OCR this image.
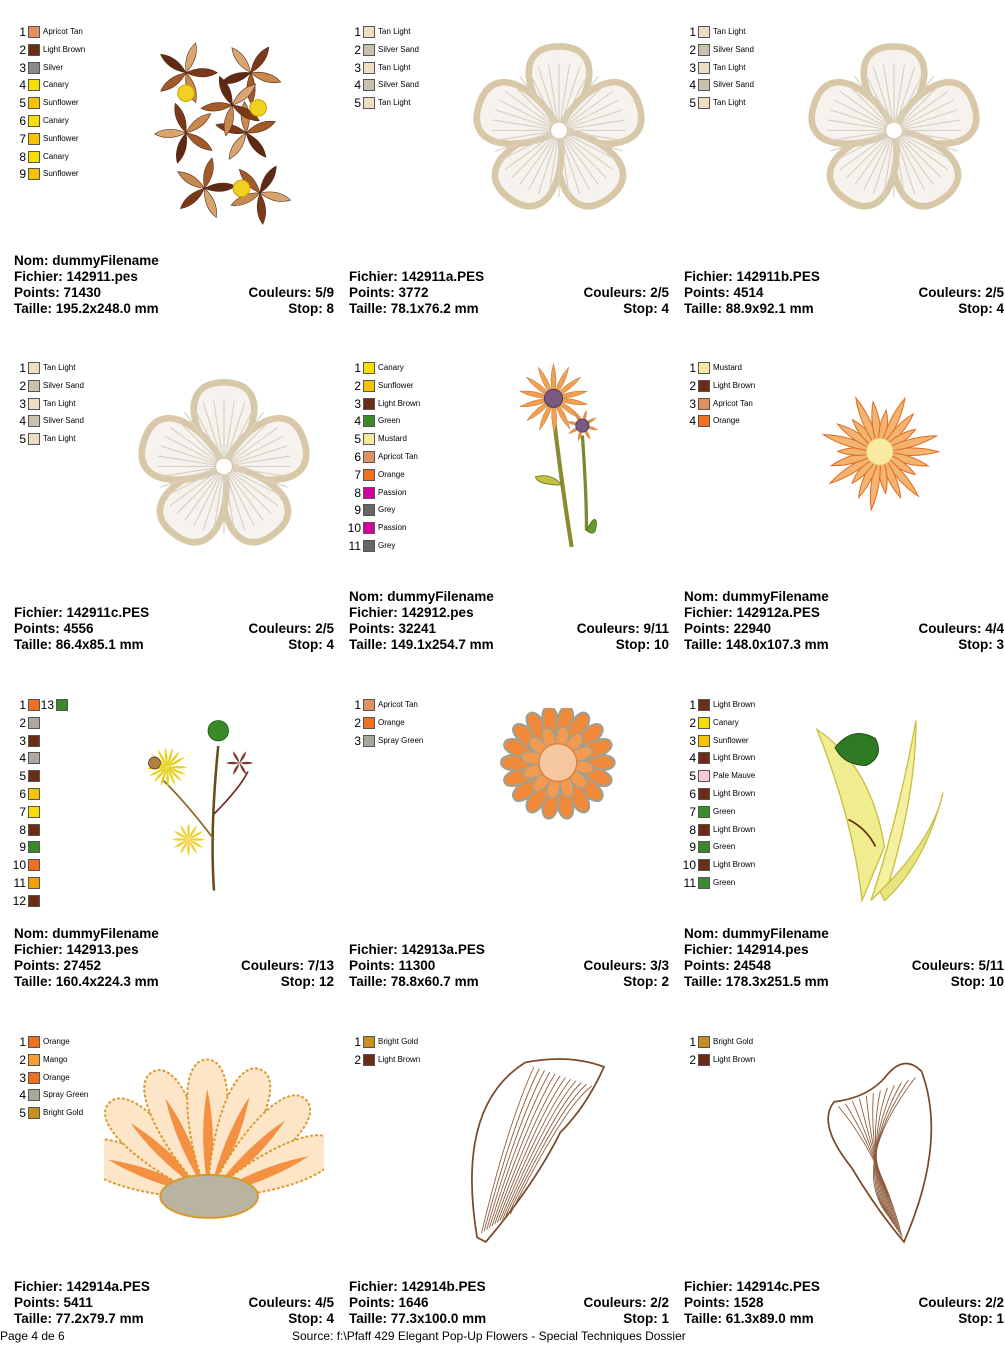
1 Apricot Tan
2 Light Brown
3 Silver
4 Canary
5 Sunflower
6 Canary
7 Sunflower
8 Canary
9 Sunflower
Nom: dummyFilename
Fichier: 142911.pes
Points: 71430	Couleurs: 5/9
Taille: 195.2x248.0 mm	Stop: 8
1 Tan Light
2 Silver Sand
3 Tan Light
4 Silver Sand
5 Tan Light
Fichier: 142911a.PES
Points: 3772	Couleurs: 2/5
Taille: 78.1x76.2 mm	Stop: 4
1 Tan Light
2 Silver Sand
3 Tan Light
4 Silver Sand
5 Tan Light
Fichier: 142911b.PES
Points: 4514	Couleurs: 2/5
Taille: 88.9x92.1 mm	Stop: 4
1 Tan Light
2 Silver Sand
3 Tan Light
4 Silver Sand
5 Tan Light
Fichier: 142911c.PES
Points: 4556	Couleurs: 2/5
Taille: 86.4x85.1 mm	Stop: 4
1 Canary
2 Sunflower
3 Light Brown
4 Green
5 Mustard
6 Apricot Tan
7 Orange
8 Passion
9 Grey
10 Passion
11 Grey
Nom: dummyFilename
Fichier: 142912.pes
Points: 32241	Couleurs: 9/11
Taille: 149.1x254.7 mm	Stop: 10
1 Mustard
2 Light Brown
3 Apricot Tan
4 Orange
Nom: dummyFilename
Fichier: 142912a.PES
Points: 22940	Couleurs: 4/4
Taille: 148.0x107.3 mm	Stop: 3
1
2
3
4
5
6
7
8
9
10
11
12
13
Nom: dummyFilename
Fichier: 142913.pes
Points: 27452	Couleurs: 7/13
Taille: 160.4x224.3 mm	Stop: 12
1 Apricot Tan
2 Orange
3 Spray Green
Fichier: 142913a.PES
Points: 11300	Couleurs: 3/3
Taille: 78.8x60.7 mm	Stop: 2
1 Light Brown
2 Canary
3 Sunflower
4 Light Brown
5 Pale Mauve
6 Light Brown
7 Green
8 Light Brown
9 Green
10 Light Brown
11 Green
Nom: dummyFilename
Fichier: 142914.pes
Points: 24548	Couleurs: 5/11
Taille: 178.3x251.5 mm	Stop: 10
1 Orange
2 Mango
3 Orange
4 Spray Green
5 Bright Gold
Fichier: 142914a.PES
Points: 5411	Couleurs: 4/5
Taille: 77.2x79.7 mm	Stop: 4
1 Bright Gold
2 Light Brown
Fichier: 142914b.PES
Points: 1646	Couleurs: 2/2
Taille: 77.3x100.0 mm	Stop: 1
1 Bright Gold
2 Light Brown
Fichier: 142914c.PES
Points: 1528	Couleurs: 2/2
Taille: 61.3x89.0 mm	Stop: 1
Page 4 de 6	Source: f:\Pfaff 429 Elegant Pop-Up Flowers - Special Techniques Dossier
